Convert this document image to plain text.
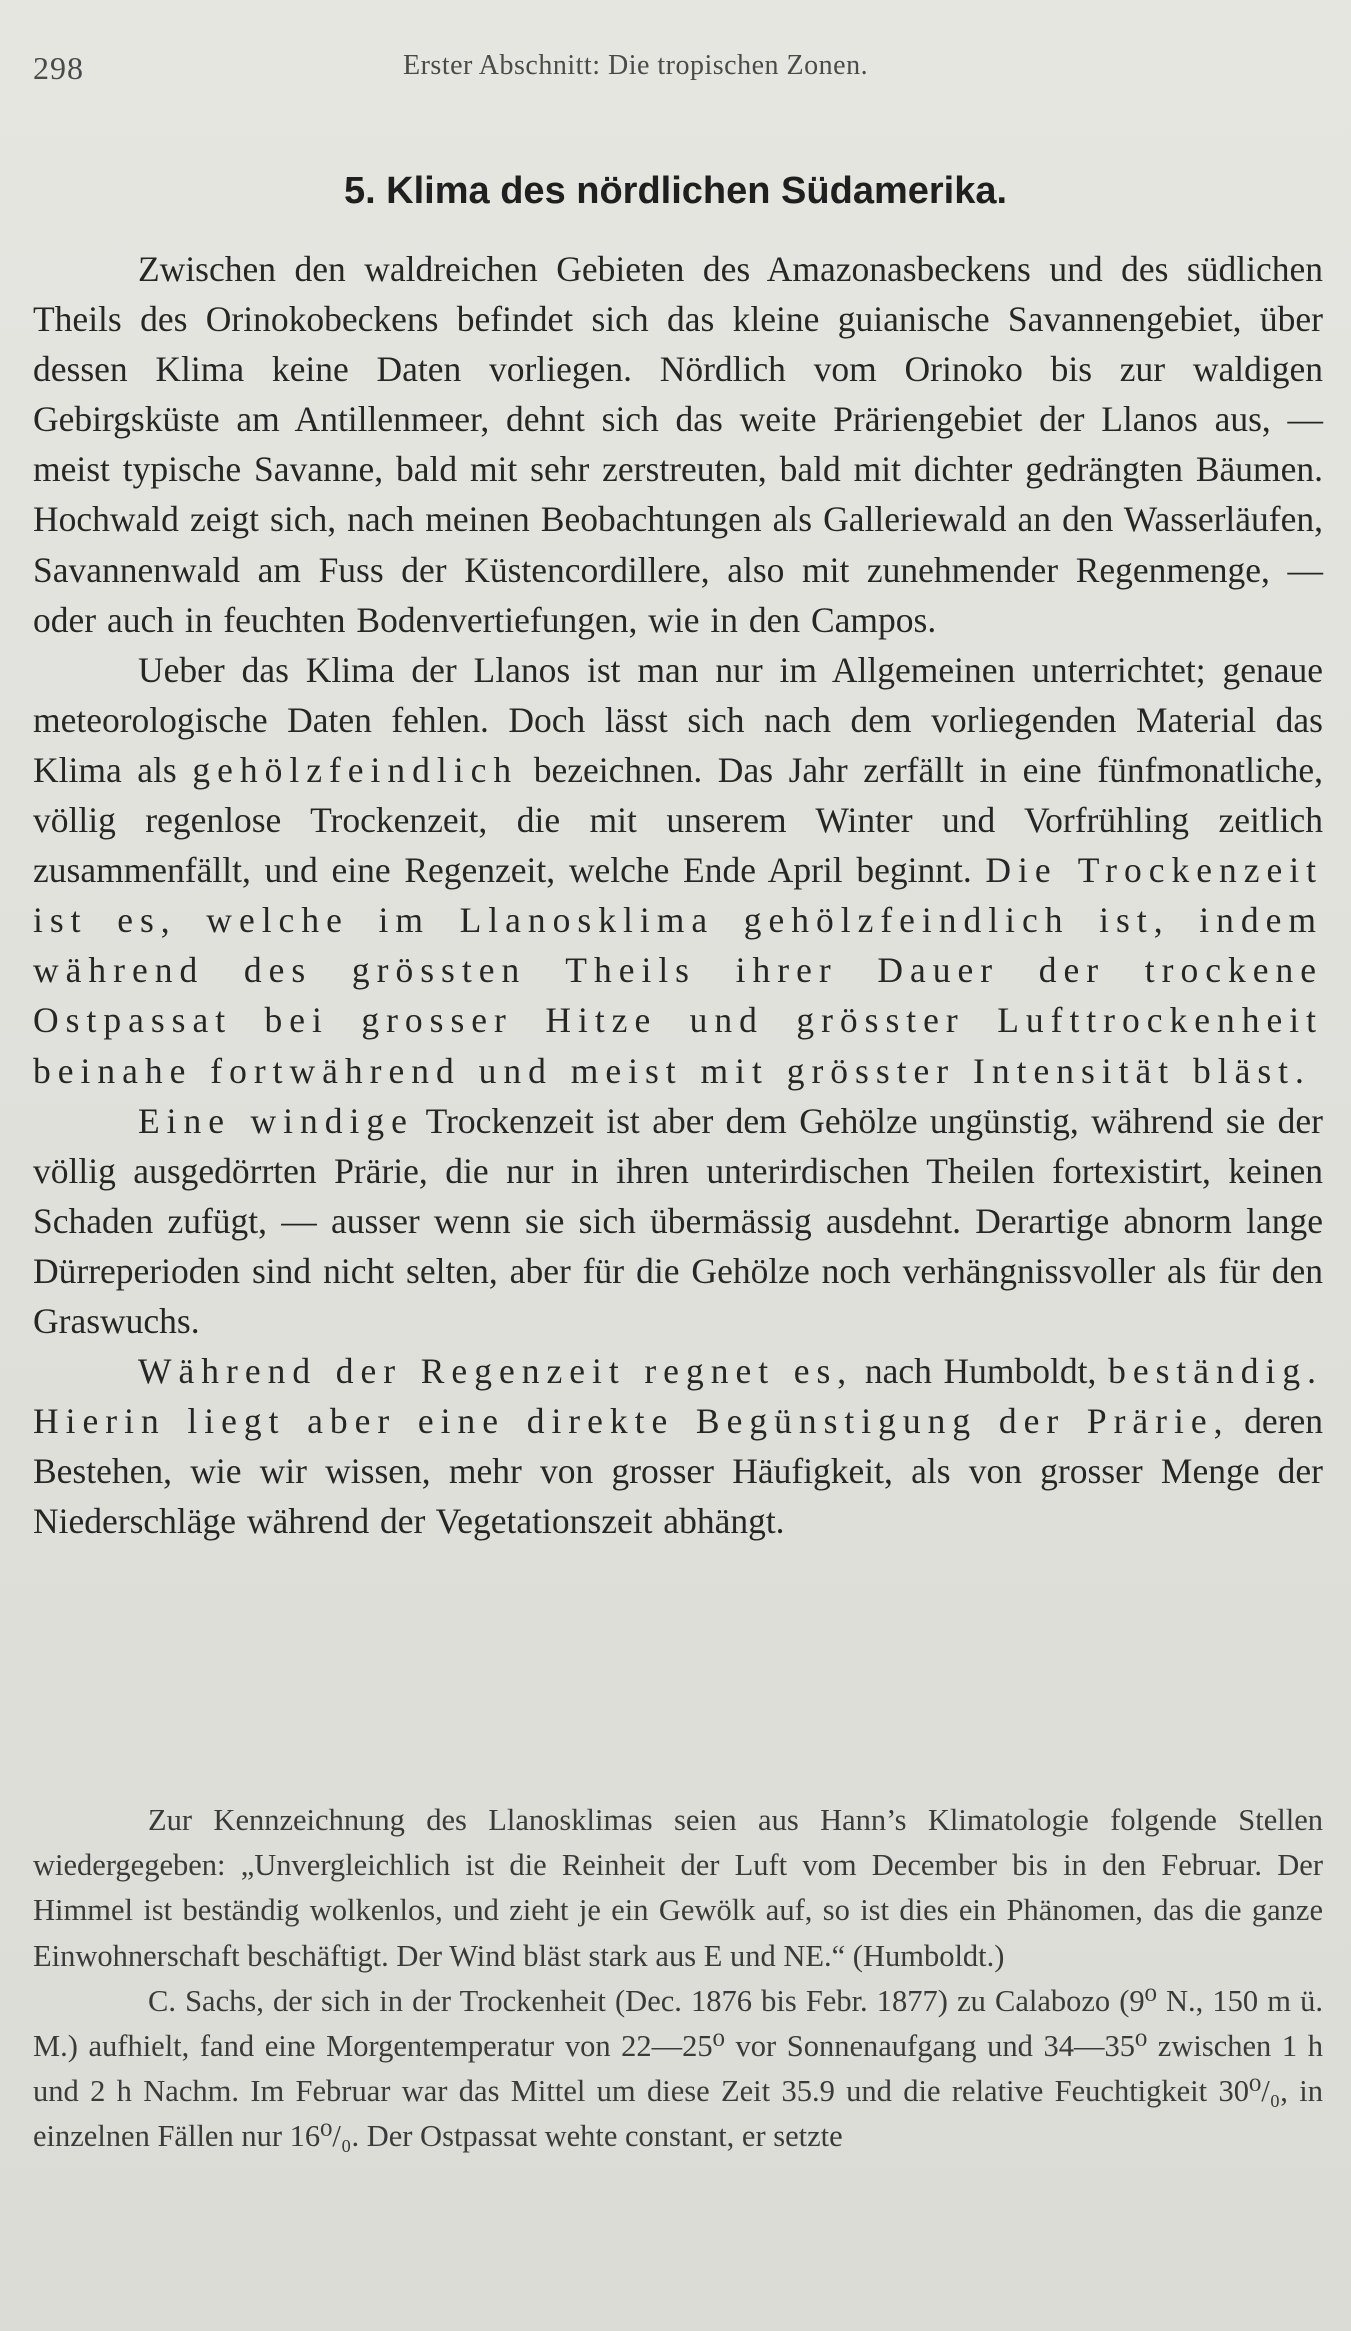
298	Erster Abschnitt: Die tropischen Zonen.
5. Klima des nördlichen Südamerika.

Zwischen den waldreichen Gebieten des Amazonasbeckens und des südlichen Theils des Orinokobeckens befindet sich das kleine guianische Savannengebiet, über dessen Klima keine Daten vorliegen. Nördlich vom Orinoko bis zur waldigen Gebirgsküste am Antillenmeer, dehnt sich das weite Präriengebiet der Llanos aus, — meist typische Savanne, bald mit sehr zerstreuten, bald mit dichter gedrängten Bäumen. Hochwald zeigt sich, nach meinen Beobachtungen als Galleriewald an den Wasserläufen, Savannenwald am Fuss der Küstencordillere, also mit zunehmender Regenmenge, — oder auch in feuchten Bodenvertiefungen, wie in den Campos.

Ueber das Klima der Llanos ist man nur im Allgemeinen unterrichtet; genaue meteorologische Daten fehlen. Doch lässt sich nach dem vorliegenden Material das Klima als gehölzfeindlich bezeichnen. Das Jahr zerfällt in eine fünfmonatliche, völlig regenlose Trockenzeit, die mit unserem Winter und Vorfrühling zeitlich zusammenfällt, und eine Regenzeit, welche Ende April beginnt. Die Trockenzeit ist es, welche im Llanosklima gehölzfeindlich ist, indem während des grössten Theils ihrer Dauer der trockene Ostpassat bei grosser Hitze und grösster Lufttrockenheit beinahe fortwährend und meist mit grösster Intensität bläst.

Eine windige Trockenzeit ist aber dem Gehölze ungünstig, während sie der völlig ausgedörrten Prärie, die nur in ihren unterirdischen Theilen fortexistirt, keinen Schaden zufügt, — ausser wenn sie sich übermässig ausdehnt. Derartige abnorm lange Dürreperioden sind nicht selten, aber für die Gehölze noch verhängnissvoller als für den Graswuchs.

Während der Regenzeit regnet es, nach Humboldt, beständig. Hierin liegt aber eine direkte Begünstigung der Prärie, deren Bestehen, wie wir wissen, mehr von grosser Häufigkeit, als von grosser Menge der Niederschläge während der Vegetationszeit abhängt.

Zur Kennzeichnung des Llanosklimas seien aus Hann’s Klimatologie folgende Stellen wiedergegeben: „Unvergleichlich ist die Reinheit der Luft vom December bis in den Februar. Der Himmel ist beständig wolkenlos, und zieht je ein Gewölk auf, so ist dies ein Phänomen, das die ganze Einwohnerschaft beschäftigt. Der Wind bläst stark aus E und NE.“ (Humboldt.)

C. Sachs, der sich in der Trockenheit (Dec. 1876 bis Febr. 1877) zu Calabozo (9⁰ N., 150 m ü. M.) aufhielt, fand eine Morgentemperatur von 22—25⁰ vor Sonnenaufgang und 34—35⁰ zwischen 1 h und 2 h Nachm. Im Februar war das Mittel um diese Zeit 35.9 und die relative Feuchtigkeit 30⁰/₀, in einzelnen Fällen nur 16⁰/₀. Der Ostpassat wehte constant, er setzte
